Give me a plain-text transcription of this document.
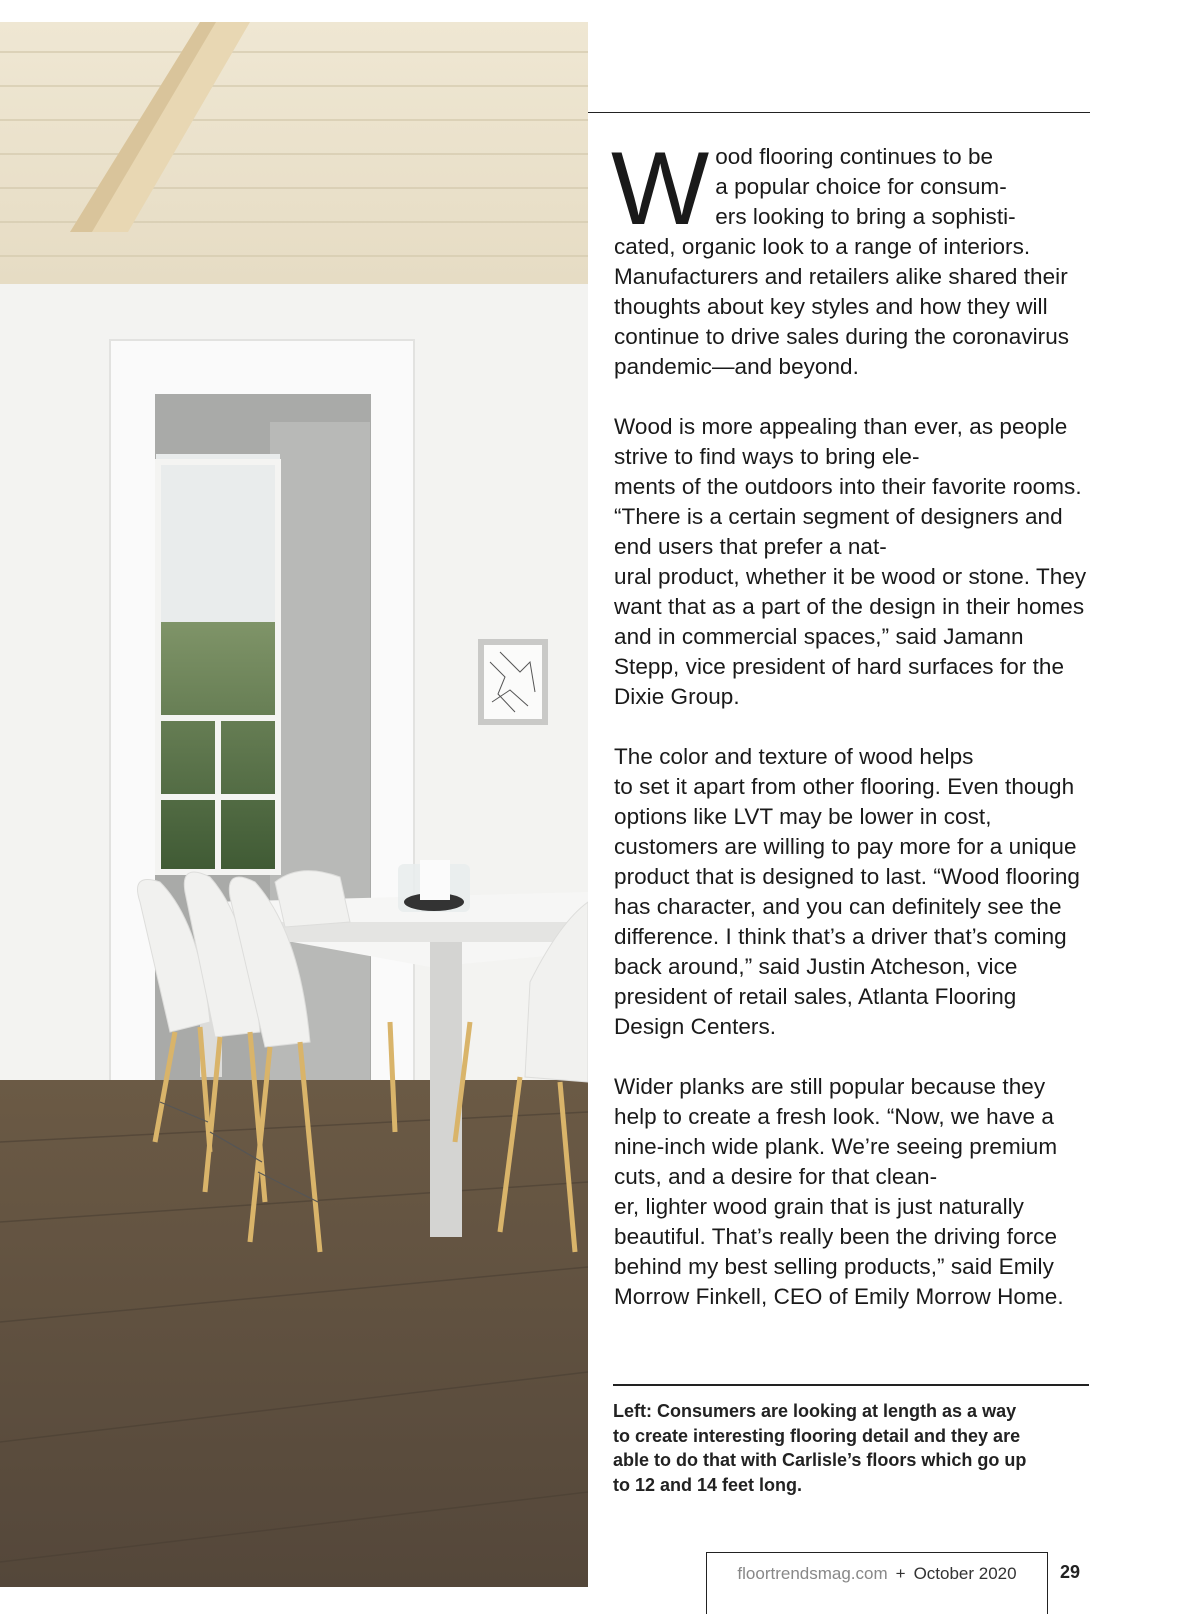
Wood flooring continues to be
a popular choice for consum-
ers looking to bring a sophisti-
cated, organic look to a range of interiors. Manufacturers and retailers alike shared their thoughts about key styles and how they will continue to drive sales during the coronavirus pandemic—and beyond.

Wood is more appealing than ever, as people strive to find ways to bring ele-
ments of the outdoors into their favorite rooms. “There is a certain segment of designers and end users that prefer a nat-
ural product, whether it be wood or stone. They want that as a part of the design in their homes and in commercial spaces,” said Jamann Stepp, vice president of hard surfaces for the Dixie Group.

The color and texture of wood helps
to set it apart from other flooring. Even though options like LVT may be lower in cost, customers are willing to pay more for a unique product that is designed to last. “Wood flooring has character, and you can definitely see the difference. I think that’s a driver that’s coming back around,” said Justin Atcheson, vice president of retail sales, Atlanta Flooring Design Centers.

Wider planks are still popular because they help to create a fresh look. “Now, we have a nine-inch wide plank. We’re seeing premium cuts, and a desire for that clean-
er, lighter wood grain that is just naturally beautiful. That’s really been the driving force behind my best selling products,” said Emily Morrow Finkell, CEO of Emily Morrow Home.

Left: Consumers are looking at length as a way
to create interesting flooring detail and they are
able to do that with Carlisle’s floors which go up
to 12 and 14 feet long.
floortrendsmag.com + October 2020 29
